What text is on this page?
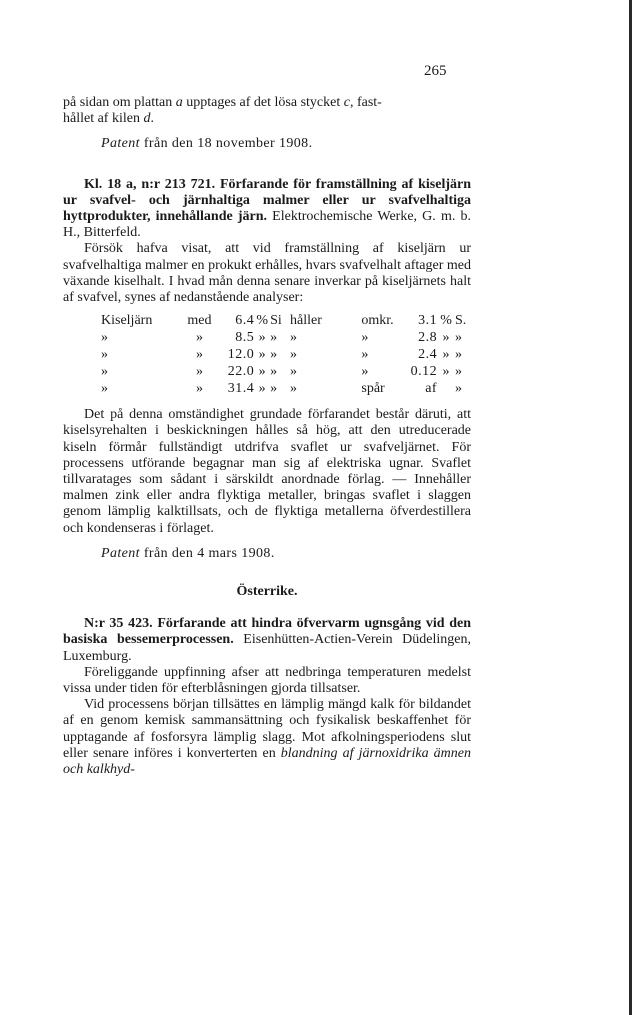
265

på sidan om plattan a upptages af det lösa stycket c, fast-
hållet af kilen d.

Patent från den 18 november 1908.

Kl. 18 a, n:r 213 721. Förfarande för framställning af kiseljärn ur svafvel- och järnhaltiga malmer eller ur svafvelhaltiga hyttprodukter, innehållande järn. Elektrochemische Werke, G. m. b. H., Bitterfeld.

Försök hafva visat, att vid framställning af kiseljärn ur svafvelhaltiga malmer en prokukt erhålles, hvars svafvelhalt aftager med växande kiselhalt. I hvad mån denna senare inverkar på kiseljärnets halt af svafvel, synes af nedanstående analyser:

Kiseljärn	med	6.4	%	Si	håller	omkr.	3.1	%	S.
»	»	8.5	»	»	»	»	2.8	»	»
»	»	12.0	»	»	»	»	2.4	»	»
»	»	22.0	»	»	»	»	0.12	»	»
»	»	31.4	»	»	»	spår	af		»

Det på denna omständighet grundade förfarandet består däruti, att kiselsyrehalten i beskickningen hålles så hög, att den utreducerade kiseln förmår fullständigt utdrifva svaflet ur svafveljärnet. För processens utförande begagnar man sig af elektriska ugnar. Svaflet tillvaratages som sådant i särskildt anordnade förlag. — Innehåller malmen zink eller andra flyktiga metaller, bringas svaflet i slaggen genom lämplig kalktillsats, och de flyktiga metallerna öfverdestillera och kondenseras i förlaget.

Patent från den 4 mars 1908.

Österrike.

N:r 35 423. Förfarande att hindra öfvervarm ugnsgång vid den basiska bessemerprocessen. Eisenhütten-Actien-Verein Düdelingen, Luxemburg.

Föreliggande uppfinning afser att nedbringa temperaturen medelst vissa under tiden för efterblåsningen gjorda tillsatser.

Vid processens början tillsättes en lämplig mängd kalk för bildandet af en genom kemisk sammansättning och fysikalisk beskaffenhet för upptagande af fosforsyra lämplig slagg. Mot afkolningsperiodens slut eller senare införes i konverterten en blandning af järnoxidrika ämnen och kalkhyd-
